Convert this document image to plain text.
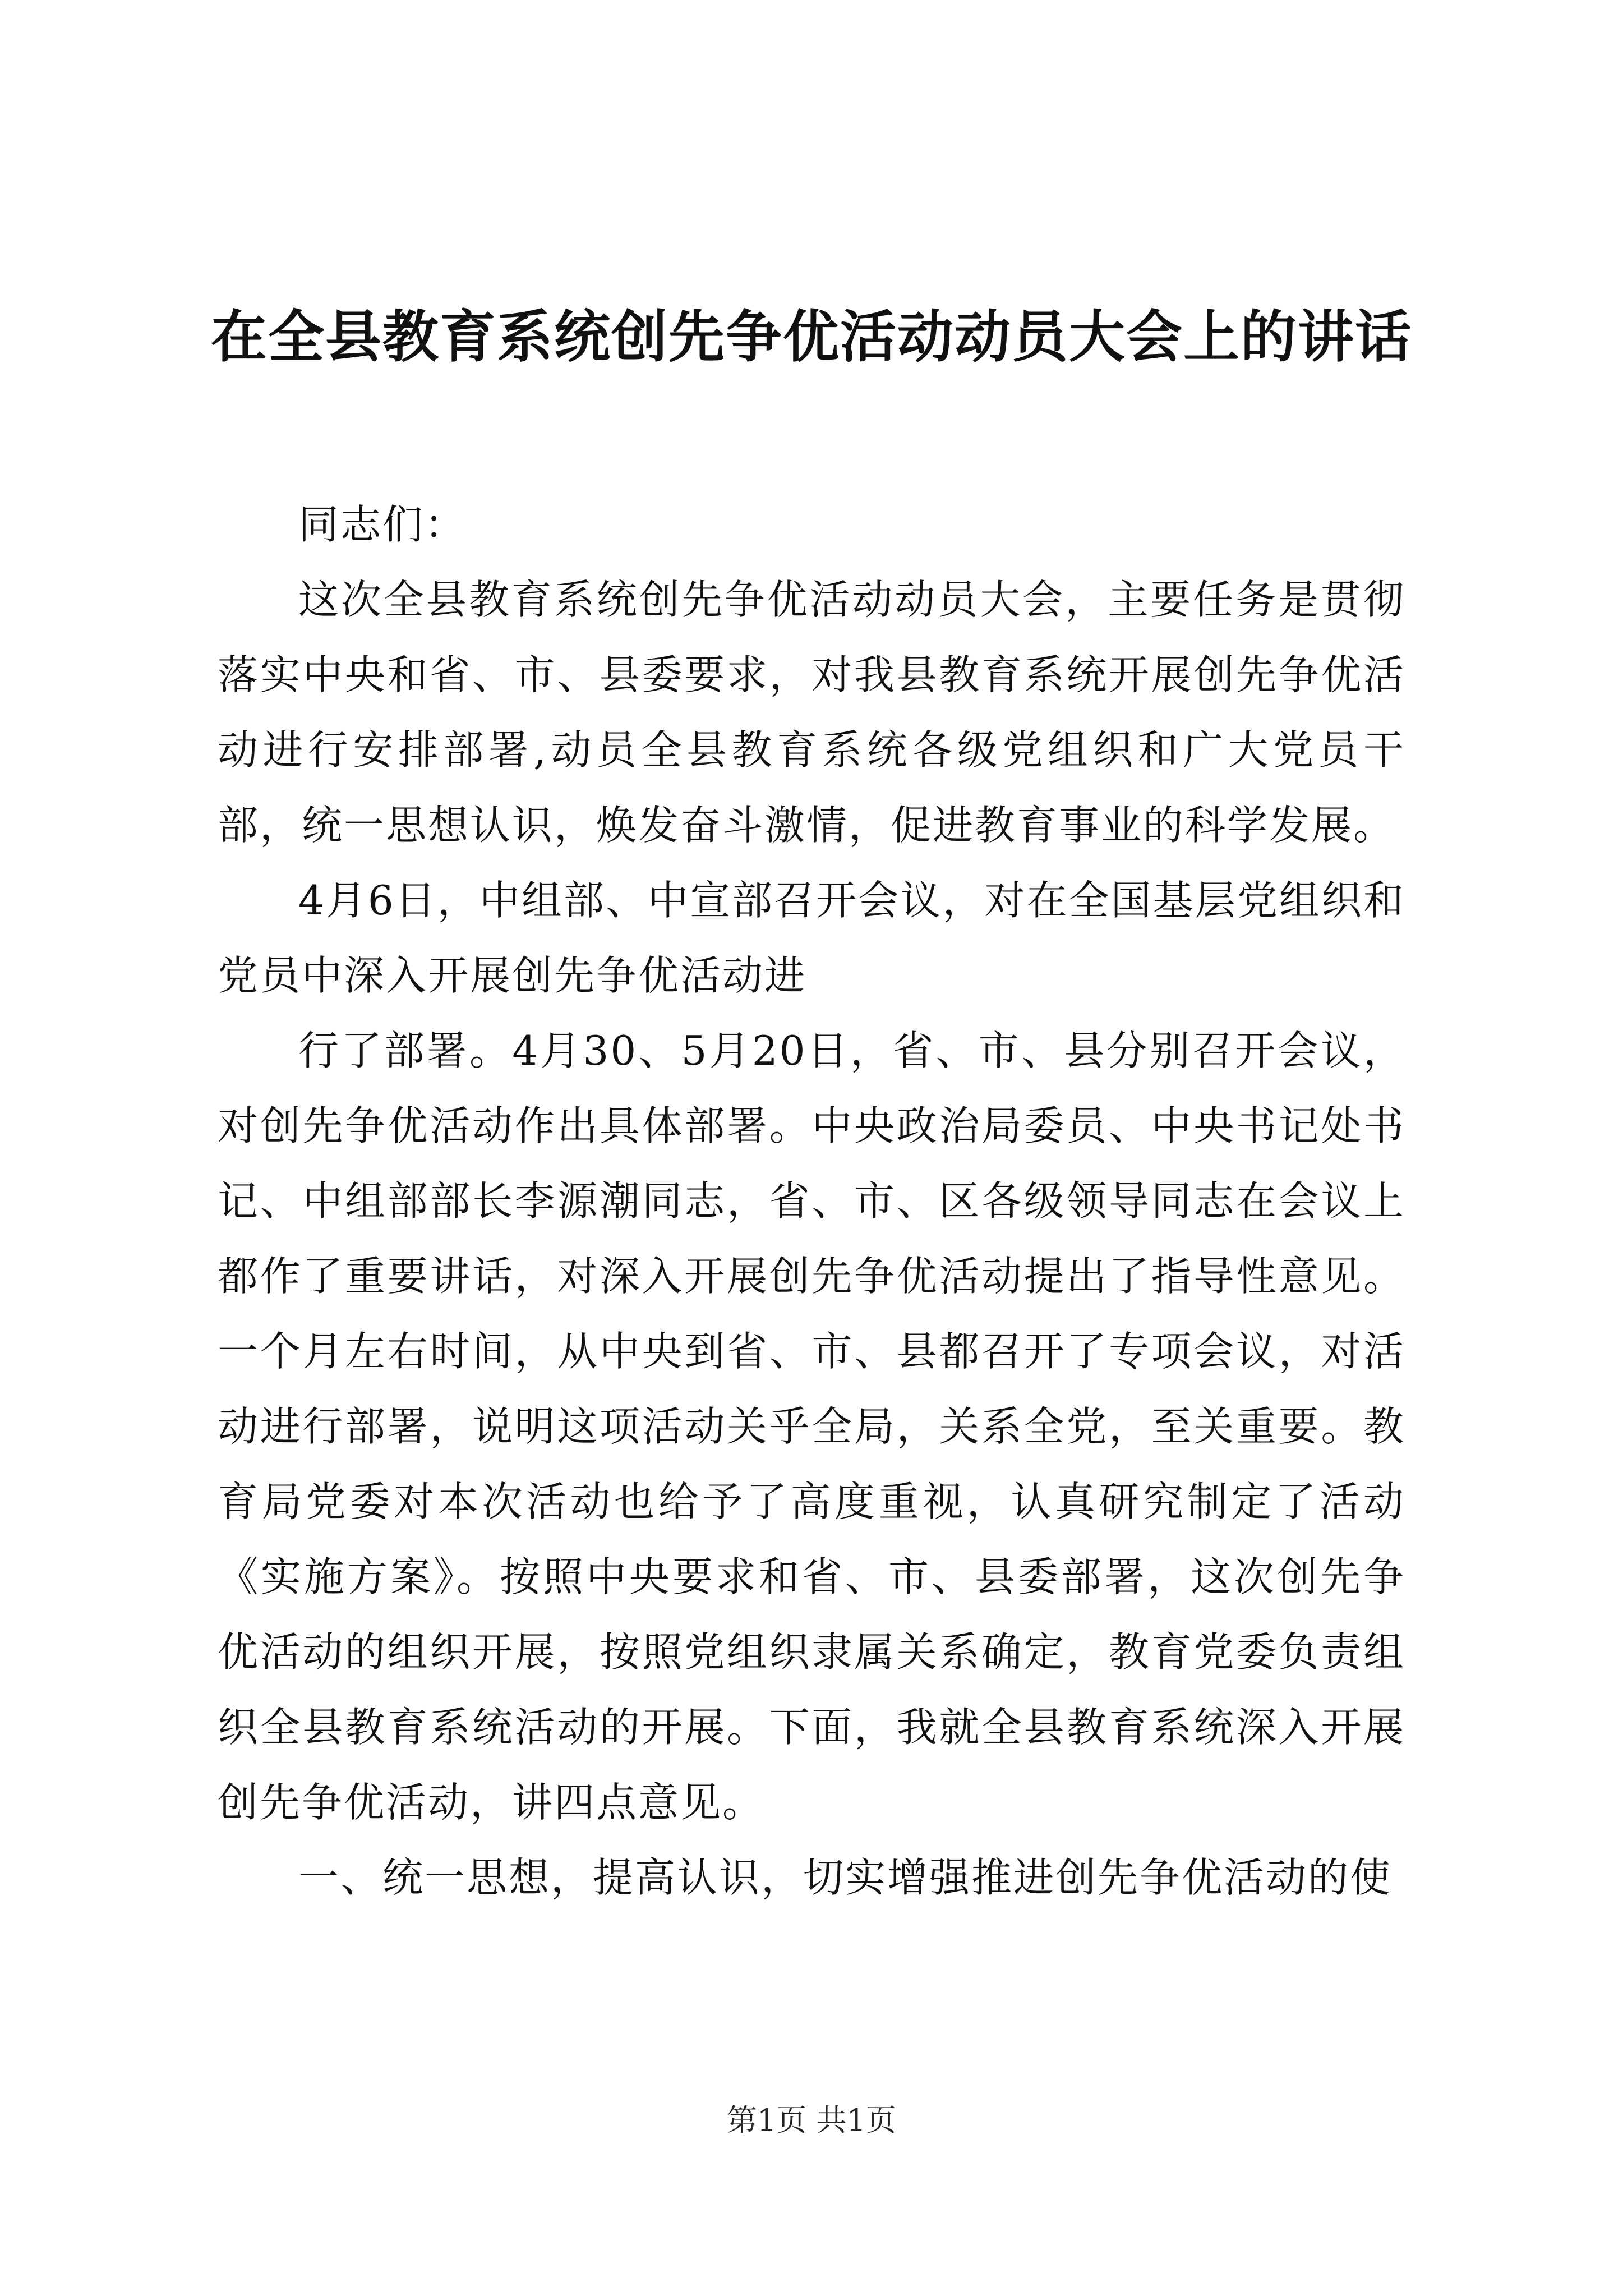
在全县教育系统创先争优活动动员大会上的讲话

同志们：

这次全县教育系统创先争优活动动员大会，主要任务是贯彻落实中央和省、市、县委要求，对我县教育系统开展创先争优活动进行安排部署,动员全县教育系统各级党组织和广大党员干部，统一思想认识，焕发奋斗激情，促进教育事业的科学发展。

4月6日，中组部、中宣部召开会议，对在全国基层党组织和党员中深入开展创先争优活动进

行了部署。4月30、5月20日，省、市、县分别召开会议，对创先争优活动作出具体部署。中央政治局委员、中央书记处书记、中组部部长李源潮同志，省、市、区各级领导同志在会议上都作了重要讲话，对深入开展创先争优活动提出了指导性意见。一个月左右时间，从中央到省、市、县都召开了专项会议，对活动进行部署，说明这项活动关乎全局，关系全党，至关重要。教育局党委对本次活动也给予了高度重视，认真研究制定了活动《实施方案》。按照中央要求和省、市、县委部署，这次创先争优活动的组织开展，按照党组织隶属关系确定，教育党委负责组织全县教育系统活动的开展。下面，我就全县教育系统深入开展创先争优活动，讲四点意见。

一、统一思想，提高认识，切实增强推进创先争优活动的使

第1页 共1页
